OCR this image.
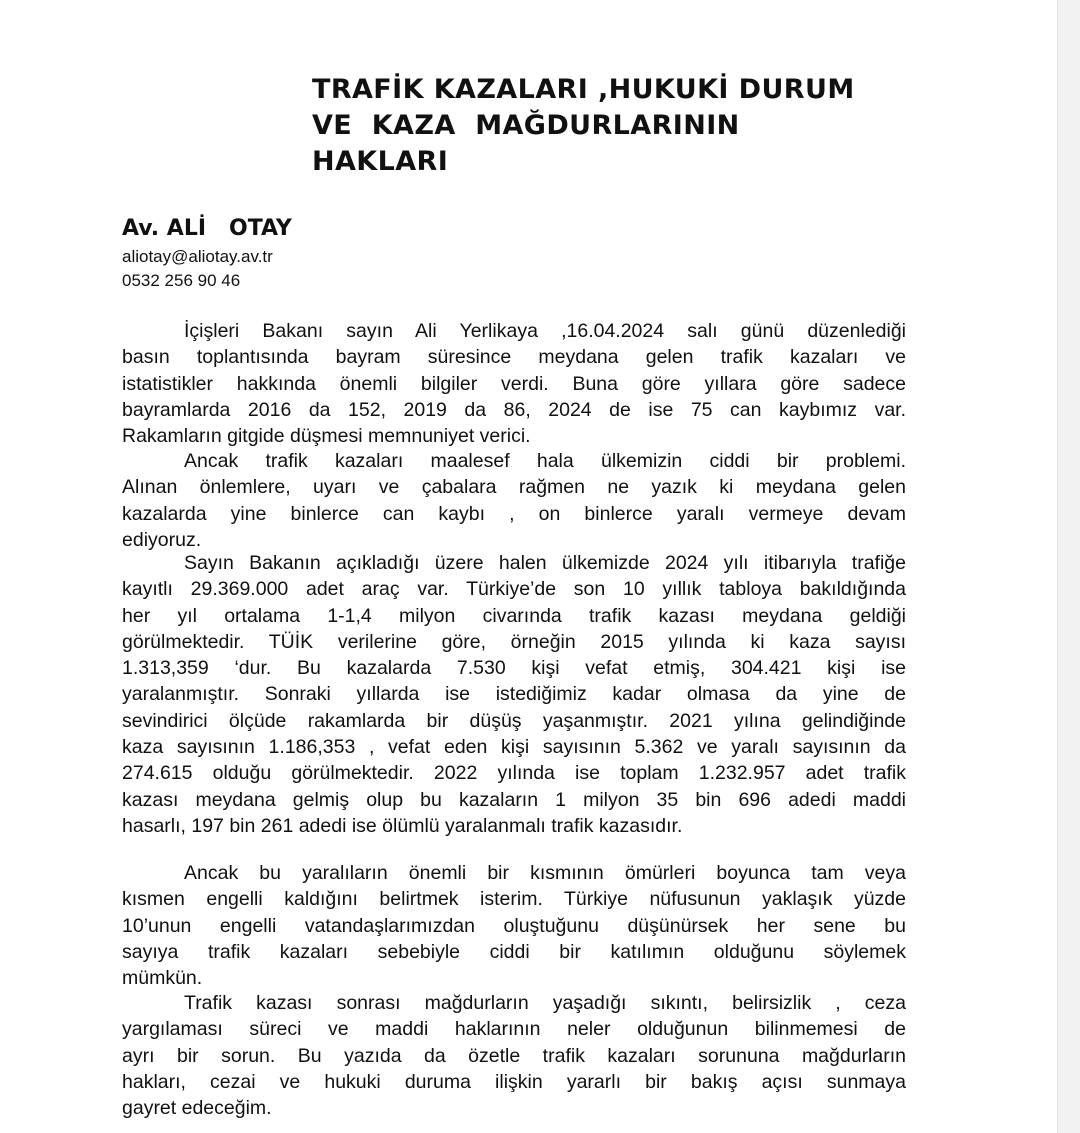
TRAFİK KAZALARI ,HUKUKİ DURUM
VE  KAZA  MAĞDURLARININ
HAKLARI
Av. ALİ   OTAY
aliotay@aliotay.av.tr
0532 256 90 46
İçişleri Bakanı sayın Ali Yerlikaya ,16.04.2024 salı günü düzenlediği
basın toplantısında bayram süresince meydana gelen trafik kazaları ve
istatistikler hakkında önemli bilgiler verdi. Buna göre yıllara göre sadece
bayramlarda 2016 da 152, 2019 da 86, 2024 de ise 75 can kaybımız var.
Rakamların gitgide düşmesi memnuniyet verici.
Ancak trafik kazaları maalesef hala ülkemizin ciddi bir problemi.
Alınan önlemlere, uyarı ve çabalara rağmen ne yazık ki meydana gelen
kazalarda yine binlerce can kaybı , on binlerce yaralı vermeye devam
ediyoruz.
Sayın Bakanın açıkladığı üzere halen ülkemizde 2024 yılı itibarıyla trafiğe
kayıtlı 29.369.000 adet araç var. Türkiye’de son 10 yıllık tabloya bakıldığında
her yıl ortalama 1-1,4 milyon civarında trafik kazası meydana geldiği
görülmektedir. TÜİK verilerine göre, örneğin 2015 yılında ki kaza sayısı
1.313,359 ‘dur. Bu kazalarda 7.530 kişi vefat etmiş, 304.421 kişi ise
yaralanmıştır. Sonraki yıllarda ise istediğimiz kadar olmasa da yine de
sevindirici ölçüde rakamlarda bir düşüş yaşanmıştır. 2021 yılına gelindiğinde
kaza sayısının 1.186,353 , vefat eden kişi sayısının 5.362 ve yaralı sayısının da
274.615 olduğu görülmektedir. 2022 yılında ise toplam 1.232.957 adet trafik
kazası meydana gelmiş olup bu kazaların 1 milyon 35 bin 696 adedi maddi
hasarlı, 197 bin 261 adedi ise ölümlü yaralanmalı trafik kazasıdır.
Ancak bu yaralıların önemli bir kısmının ömürleri boyunca tam veya
kısmen engelli kaldığını belirtmek isterim. Türkiye nüfusunun yaklaşık yüzde
10’unun engelli vatandaşlarımızdan oluştuğunu düşünürsek her sene bu
sayıya trafik kazaları sebebiyle ciddi bir katılımın olduğunu söylemek
mümkün.
Trafik kazası sonrası mağdurların yaşadığı sıkıntı, belirsizlik , ceza
yargılaması süreci ve maddi haklarının neler olduğunun bilinmemesi de
ayrı bir sorun. Bu yazıda da özetle trafik kazaları sorununa mağdurların
hakları, cezai ve hukuki duruma ilişkin yararlı bir bakış açısı sunmaya
gayret edeceğim.
